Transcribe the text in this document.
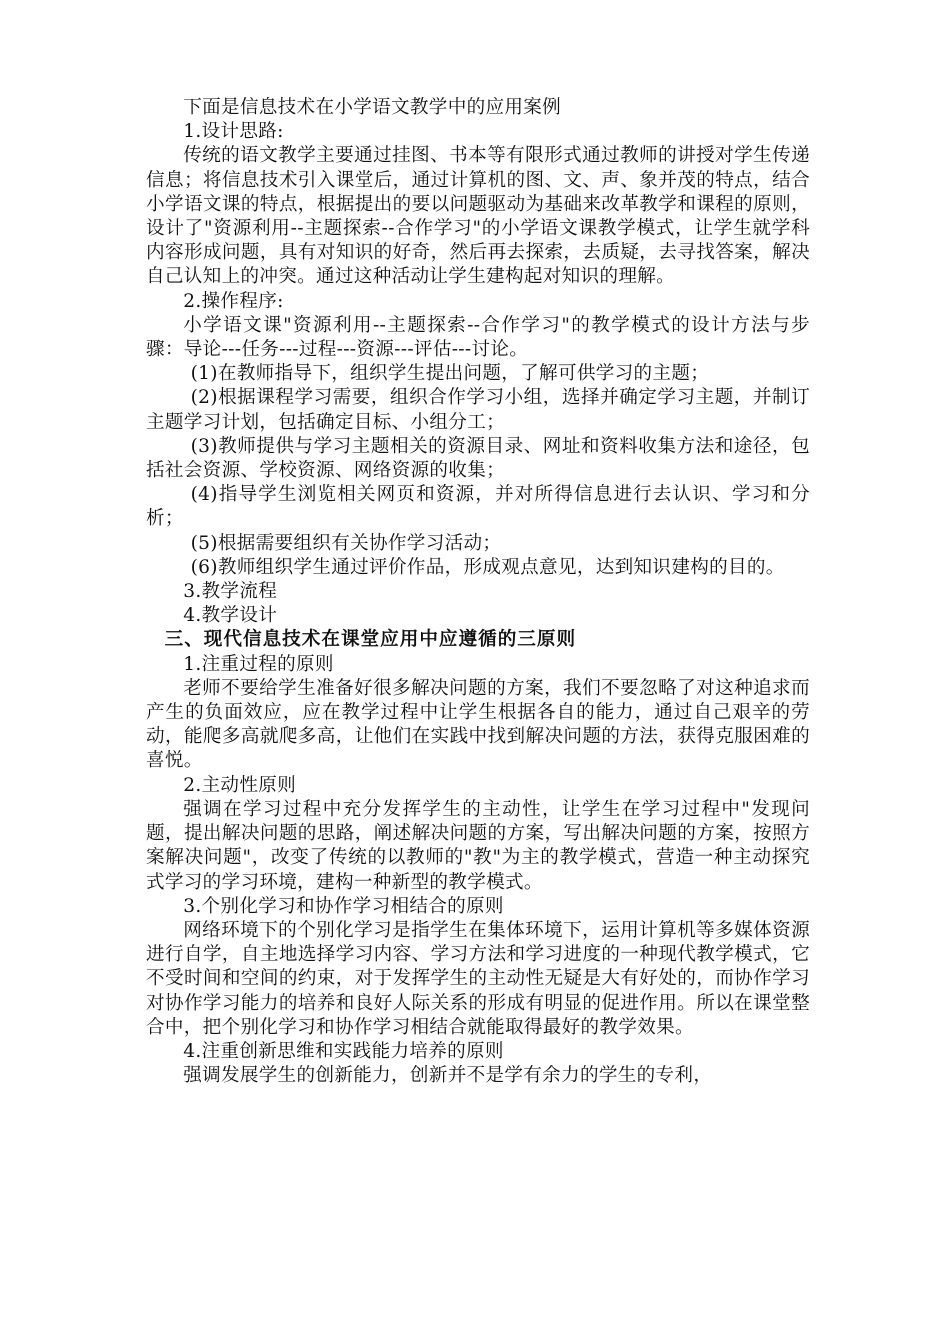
下面是信息技术在小学语文教学中的应用案例

1.设计思路:

传统的语文教学主要通过挂图、书本等有限形式通过教师的讲授对学生传递信息；将信息技术引入课堂后，通过计算机的图、文、声、象并茂的特点，结合小学语文课的特点，根据提出的要以问题驱动为基础来改革教学和课程的原则，设计了"资源利用--主题探索--合作学习"的小学语文课教学模式，让学生就学科内容形成问题，具有对知识的好奇，然后再去探索，去质疑，去寻找答案，解决自己认知上的冲突。通过这种活动让学生建构起对知识的理解。

2.操作程序:

小学语文课"资源利用--主题探索--合作学习"的教学模式的设计方法与步骤：导论---任务---过程---资源---评估---讨论。

(1)在教师指导下，组织学生提出问题，了解可供学习的主题；

(2)根据课程学习需要，组织合作学习小组，选择并确定学习主题，并制订主题学习计划，包括确定目标、小组分工；

(3)教师提供与学习主题相关的资源目录、网址和资料收集方法和途径，包括社会资源、学校资源、网络资源的收集；

(4)指导学生浏览相关网页和资源，并对所得信息进行去认识、学习和分析；

(5)根据需要组织有关协作学习活动；

(6)教师组织学生通过评价作品，形成观点意见，达到知识建构的目的。

3.教学流程

4.教学设计

三、现代信息技术在课堂应用中应遵循的三原则

1.注重过程的原则

老师不要给学生准备好很多解决问题的方案，我们不要忽略了对这种追求而产生的负面效应，应在教学过程中让学生根据各自的能力，通过自己艰辛的劳动，能爬多高就爬多高，让他们在实践中找到解决问题的方法，获得克服困难的喜悦。

2.主动性原则

强调在学习过程中充分发挥学生的主动性，让学生在学习过程中"发现问题，提出解决问题的思路，阐述解决问题的方案，写出解决问题的方案，按照方案解决问题"，改变了传统的以教师的"教"为主的教学模式，营造一种主动探究式学习的学习环境，建构一种新型的教学模式。

3.个别化学习和协作学习相结合的原则

网络环境下的个别化学习是指学生在集体环境下，运用计算机等多媒体资源进行自学，自主地选择学习内容、学习方法和学习进度的一种现代教学模式，它不受时间和空间的约束，对于发挥学生的主动性无疑是大有好处的，而协作学习对协作学习能力的培养和良好人际关系的形成有明显的促进作用。所以在课堂整合中，把个别化学习和协作学习相结合就能取得最好的教学效果。

4.注重创新思维和实践能力培养的原则

强调发展学生的创新能力，创新并不是学有余力的学生的专利，
